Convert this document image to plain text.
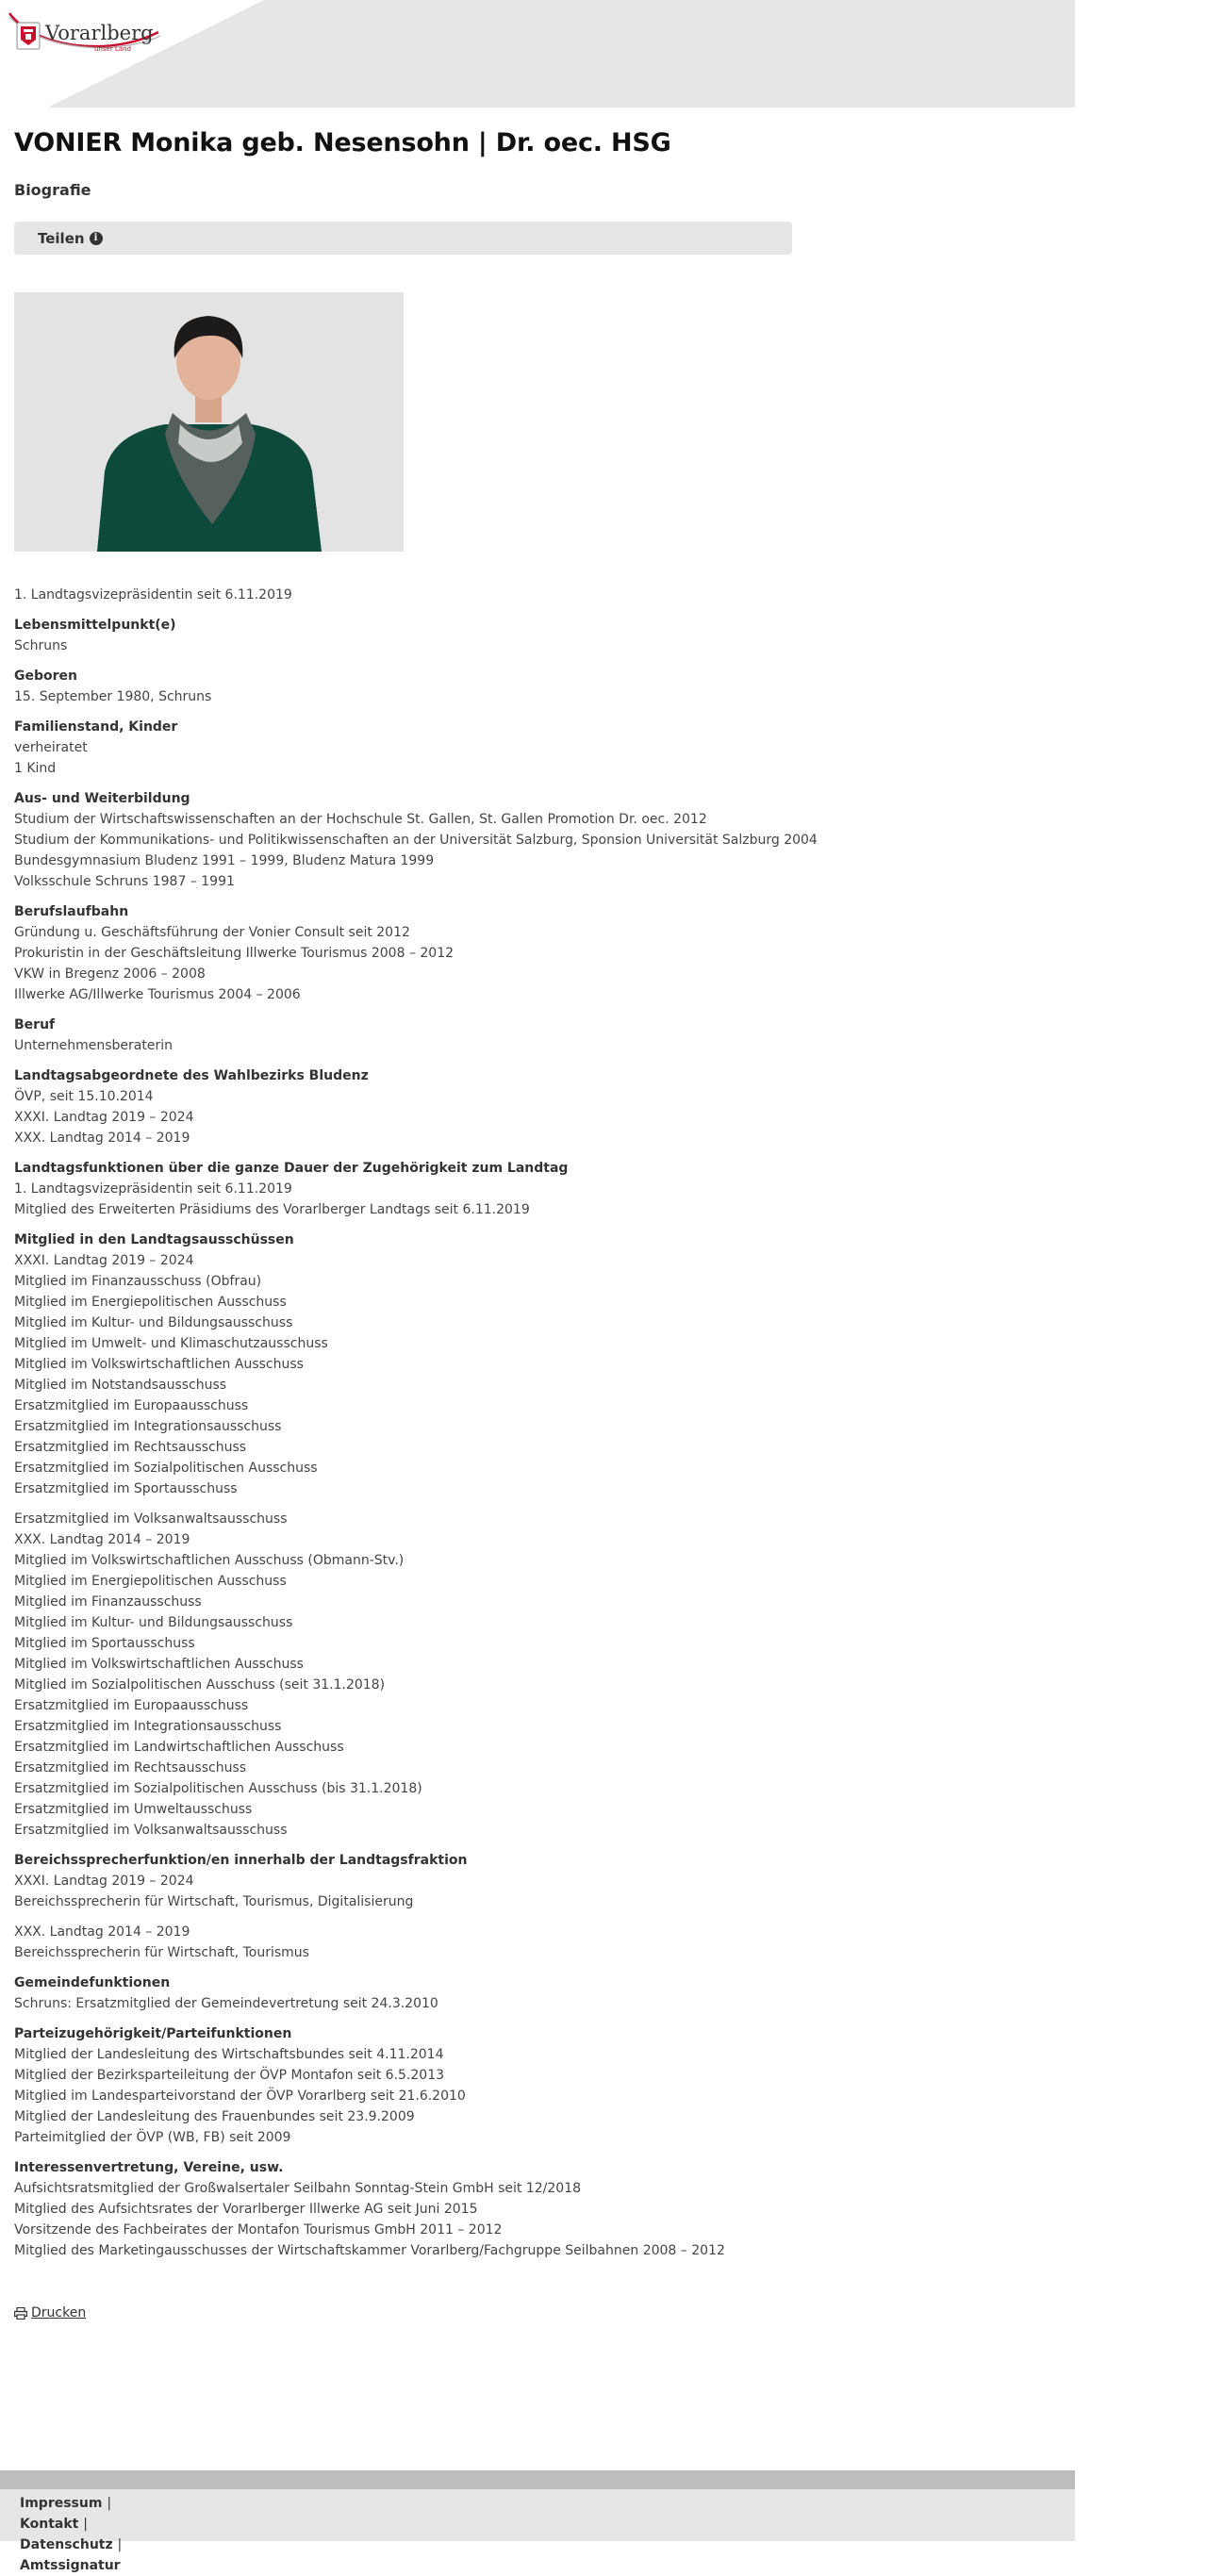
Vorarlberg
unser Land
VONIER Monika geb. Nesensohn | Dr. oec. HSG
Biografie
Teilen	i
1. Landtagsvizepräsidentin seit 6.11.2019
Lebensmittelpunkt(e)
Schruns
Geboren
15. September 1980, Schruns
Familienstand, Kinder
verheiratet
1 Kind
Aus- und Weiterbildung
Studium der Wirtschaftswissenschaften an der Hochschule St. Gallen, St. Gallen Promotion Dr. oec. 2012
Studium der Kommunikations- und Politikwissenschaften an der Universität Salzburg, Sponsion Universität Salzburg 2004
Bundesgymnasium Bludenz 1991 – 1999, Bludenz Matura 1999
Volksschule Schruns 1987 – 1991
Berufslaufbahn
Gründung u. Geschäftsführung der Vonier Consult seit 2012
Prokuristin in der Geschäftsleitung Illwerke Tourismus 2008 – 2012
VKW in Bregenz 2006 – 2008
Illwerke AG/Illwerke Tourismus 2004 – 2006
Beruf
Unternehmensberaterin
Landtagsabgeordnete des Wahlbezirks Bludenz
ÖVP, seit 15.10.2014
XXXI. Landtag 2019 – 2024
XXX. Landtag 2014 – 2019
Landtagsfunktionen über die ganze Dauer der Zugehörigkeit zum Landtag
1. Landtagsvizepräsidentin seit 6.11.2019
Mitglied des Erweiterten Präsidiums des Vorarlberger Landtags seit 6.11.2019
Mitglied in den Landtagsausschüssen
XXXI. Landtag 2019 – 2024
Mitglied im Finanzausschuss (Obfrau)
Mitglied im Energiepolitischen Ausschuss
Mitglied im Kultur- und Bildungsausschuss
Mitglied im Umwelt- und Klimaschutzausschuss
Mitglied im Volkswirtschaftlichen Ausschuss
Mitglied im Notstandsausschuss
Ersatzmitglied im Europaausschuss
Ersatzmitglied im Integrationsausschuss
Ersatzmitglied im Rechtsausschuss
Ersatzmitglied im Sozialpolitischen Ausschuss
Ersatzmitglied im Sportausschuss
Ersatzmitglied im Volksanwaltsausschuss
XXX. Landtag 2014 – 2019
Mitglied im Volkswirtschaftlichen Ausschuss (Obmann-Stv.)
Mitglied im Energiepolitischen Ausschuss
Mitglied im Finanzausschuss
Mitglied im Kultur- und Bildungsausschuss
Mitglied im Sportausschuss
Mitglied im Volkswirtschaftlichen Ausschuss
Mitglied im Sozialpolitischen Ausschuss (seit 31.1.2018)
Ersatzmitglied im Europaausschuss
Ersatzmitglied im Integrationsausschuss
Ersatzmitglied im Landwirtschaftlichen Ausschuss
Ersatzmitglied im Rechtsausschuss
Ersatzmitglied im Sozialpolitischen Ausschuss (bis 31.1.2018)
Ersatzmitglied im Umweltausschuss
Ersatzmitglied im Volksanwaltsausschuss
Bereichssprecherfunktion/en innerhalb der Landtagsfraktion
XXXI. Landtag 2019 – 2024
Bereichssprecherin für Wirtschaft, Tourismus, Digitalisierung
XXX. Landtag 2014 – 2019
Bereichssprecherin für Wirtschaft, Tourismus
Gemeindefunktionen
Schruns: Ersatzmitglied der Gemeindevertretung seit 24.3.2010
Parteizugehörigkeit/Parteifunktionen
Mitglied der Landesleitung des Wirtschaftsbundes seit 4.11.2014
Mitglied der Bezirksparteileitung der ÖVP Montafon seit 6.5.2013
Mitglied im Landesparteivorstand der ÖVP Vorarlberg seit 21.6.2010
Mitglied der Landesleitung des Frauenbundes seit 23.9.2009
Parteimitglied der ÖVP (WB, FB) seit 2009
Interessenvertretung, Vereine, usw.
Aufsichtsratsmitglied der Großwalsertaler Seilbahn Sonntag-Stein GmbH seit 12/2018
Mitglied des Aufsichtsrates der Vorarlberger Illwerke AG seit Juni 2015
Vorsitzende des Fachbeirates der Montafon Tourismus GmbH 2011 – 2012
Mitglied des Marketingausschusses der Wirtschaftskammer Vorarlberg/Fachgruppe Seilbahnen 2008 – 2012
Drucken
Impressum |
Kontakt |
Datenschutz |
Amtssignatur
